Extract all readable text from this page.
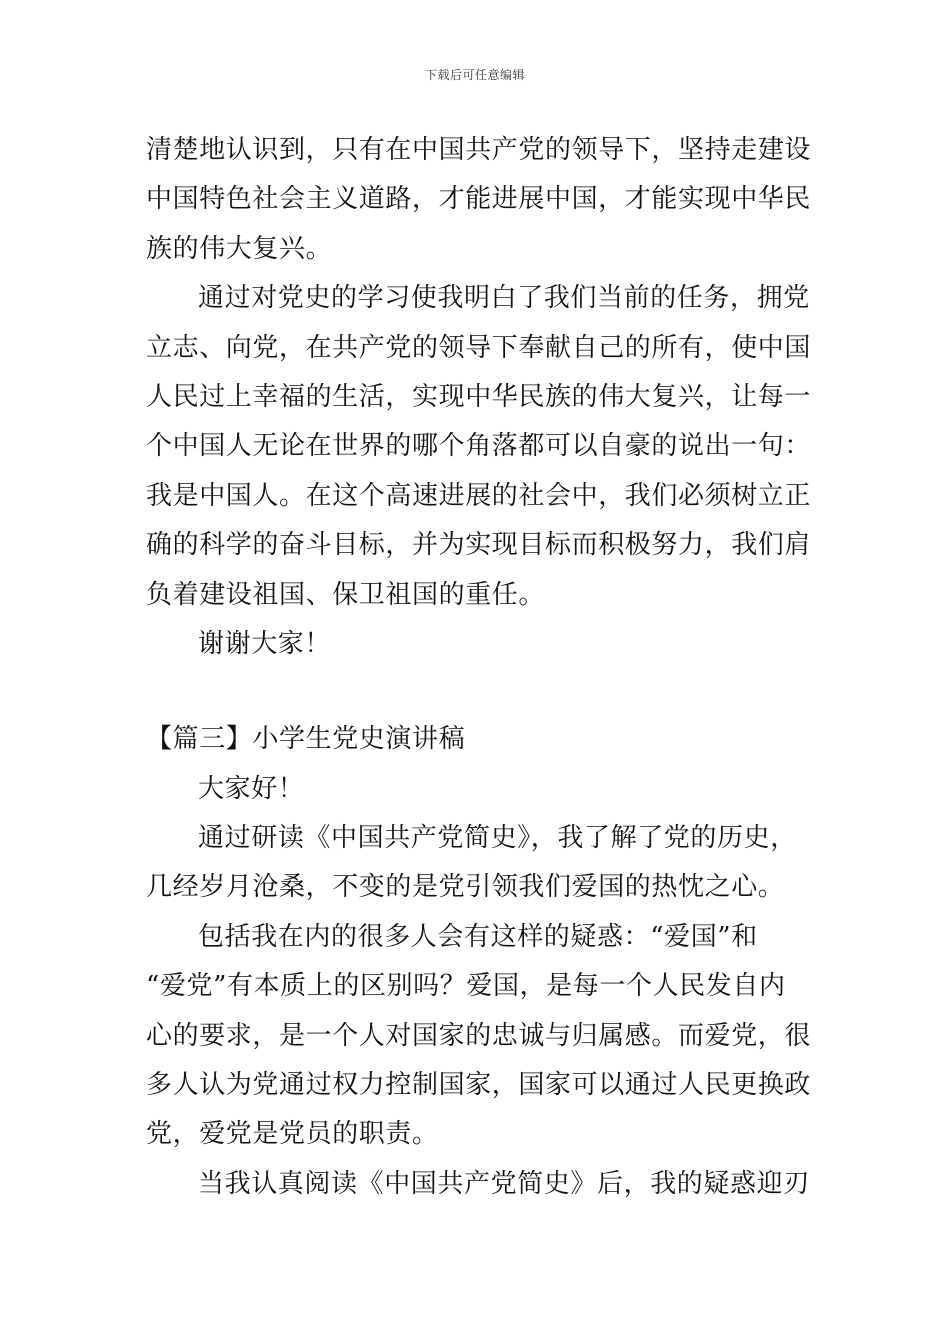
下载后可任意编辑
清楚地认识到，只有在中国共产党的领导下，坚持走建设
中国特色社会主义道路，才能进展中国，才能实现中华民
族的伟大复兴。
通过对党史的学习使我明白了我们当前的任务，拥党
立志、向党，在共产党的领导下奉献自己的所有，使中国
人民过上幸福的生活，实现中华民族的伟大复兴，让每一
个中国人无论在世界的哪个角落都可以自豪的说出一句：
我是中国人。在这个高速进展的社会中，我们必须树立正
确的科学的奋斗目标，并为实现目标而积极努力，我们肩
负着建设祖国、保卫祖国的重任。
谢谢大家！
【篇三】小学生党史演讲稿
大家好！
通过研读《中国共产党简史》，我了解了党的历史，
几经岁月沧桑，不变的是党引领我们爱国的热忱之心。
包括我在内的很多人会有这样的疑惑：“爱国”和
“爱党”有本质上的区别吗？爱国，是每一个人民发自内
心的要求，是一个人对国家的忠诚与归属感。而爱党，很
多人认为党通过权力控制国家，国家可以通过人民更换政
党，爱党是党员的职责。
当我认真阅读《中国共产党简史》后，我的疑惑迎刃
